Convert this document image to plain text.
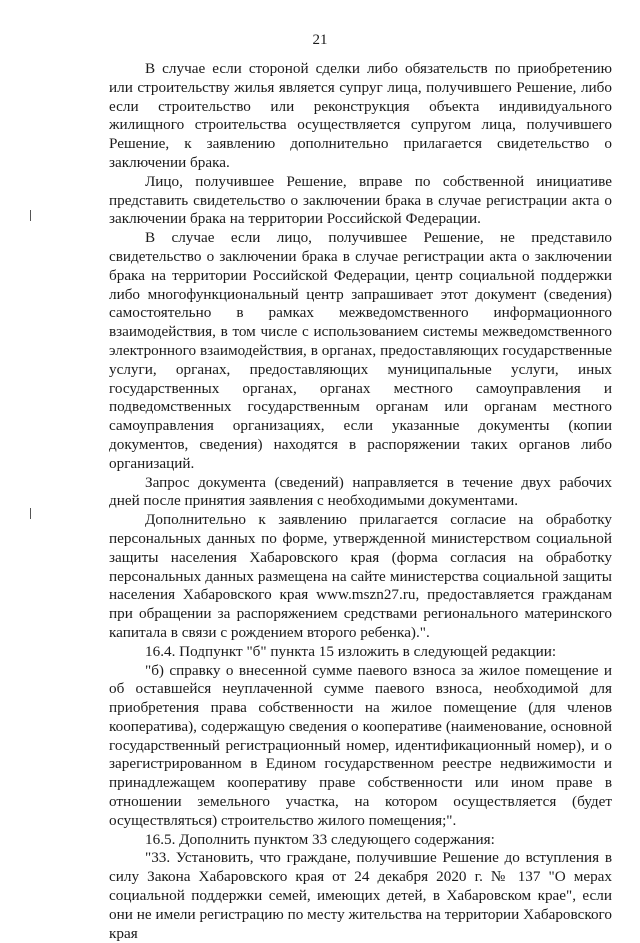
21

В случае если стороной сделки либо обязательств по приобретению или строительству жилья является супруг лица, получившего Решение, либо если строительство или реконструкция объекта индивидуального жилищного строительства осуществляется супругом лица, получившего Решение, к заявлению дополнительно прилагается свидетельство о заключении брака.

Лицо, получившее Решение, вправе по собственной инициативе представить свидетельство о заключении брака в случае регистрации акта о заключении брака на территории Российской Федерации.

В случае если лицо, получившее Решение, не представило свидетельство о заключении брака в случае регистрации акта о заключении брака на территории Российской Федерации, центр социальной поддержки либо многофункциональный центр запрашивает этот документ (сведения) самостоятельно в рамках межведомственного информационного взаимодействия, в том числе с использованием системы межведомственного электронного взаимодействия, в органах, предоставляющих государственные услуги, органах, предоставляющих муниципальные услуги, иных государственных органах, органах местного самоуправления и подведомственных государственным органам или органам местного самоуправления организациях, если указанные документы (копии документов, сведения) находятся в распоряжении таких органов либо организаций.

Запрос документа (сведений) направляется в течение двух рабочих дней после принятия заявления с необходимыми документами.

Дополнительно к заявлению прилагается согласие на обработку персональных данных по форме, утвержденной министерством социальной защиты населения Хабаровского края (форма согласия на обработку персональных данных размещена на сайте министерства социальной защиты населения Хабаровского края www.mszn27.ru, предоставляется гражданам при обращении за распоряжением средствами регионального материнского капитала в связи с рождением второго ребенка).".

16.4. Подпункт "б" пункта 15 изложить в следующей редакции:

"б) справку о внесенной сумме паевого взноса за жилое помещение и об оставшейся неуплаченной сумме паевого взноса, необходимой для приобретения права собственности на жилое помещение (для членов кооператива), содержащую сведения о кооперативе (наименование, основной государственный регистрационный номер, идентификационный номер), и о зарегистрированном в Едином государственном реестре недвижимости и принадлежащем кооперативу праве собственности или ином праве в отношении земельного участка, на котором осуществляется (будет осуществляться) строительство жилого помещения;".

16.5. Дополнить пунктом 33 следующего содержания:

"33. Установить, что граждане, получившие Решение до вступления в силу Закона Хабаровского края от 24 декабря 2020 г. № 137 "О мерах социальной поддержки семей, имеющих детей, в Хабаровском крае", если они не имели регистрацию по месту жительства на территории Хабаровского края
